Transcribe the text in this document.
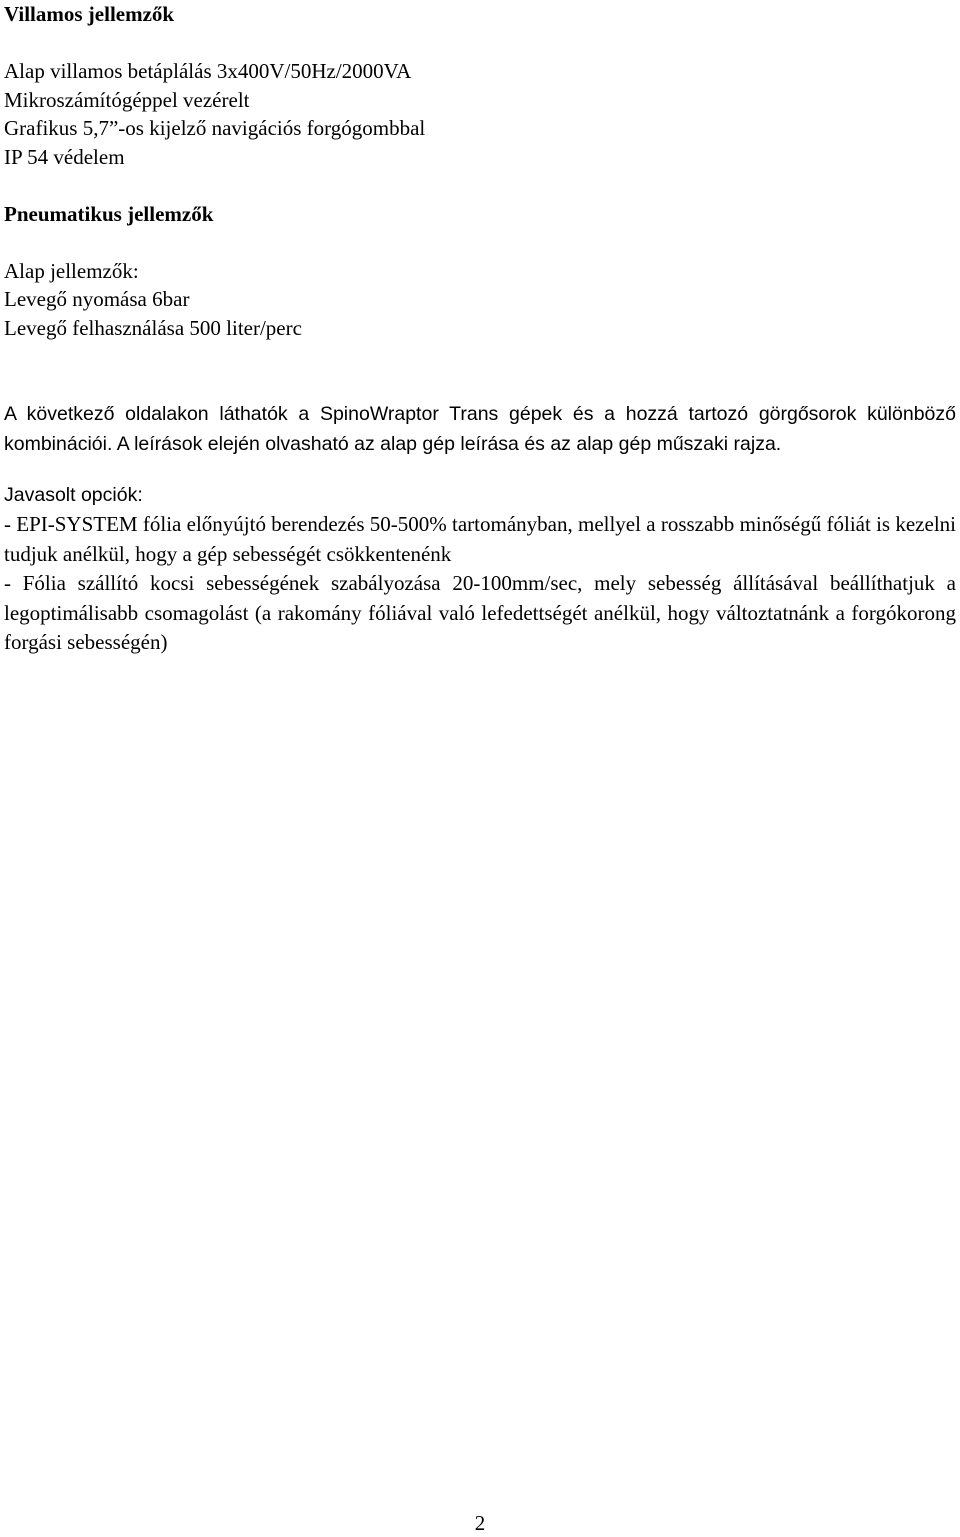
Villamos jellemzők

Alap villamos betáplálás 3x400V/50Hz/2000VA
Mikroszámítógéppel vezérelt
Grafikus 5,7”-os kijelző navigációs forgógombbal
IP 54 védelem

Pneumatikus jellemzők

Alap jellemzők:
Levegő nyomása 6bar
Levegő felhasználása 500 liter/perc

A következő oldalakon láthatók a SpinoWraptor Trans gépek és a hozzá tartozó görgősorok különböző kombinációi. A leírások elején olvasható az alap gép leírása és az alap gép műszaki rajza.

Javasolt opciók:

- EPI-SYSTEM fólia előnyújtó berendezés 50-500% tartományban, mellyel a rosszabb minőségű fóliát is kezelni tudjuk anélkül, hogy a gép sebességét csökkentenénk

- Fólia szállító kocsi sebességének szabályozása 20-100mm/sec, mely sebesség állításával beállíthatjuk a legoptimálisabb csomagolást (a rakomány fóliával való lefedettségét anélkül, hogy változtatnánk a forgókorong forgási sebességén)

2
